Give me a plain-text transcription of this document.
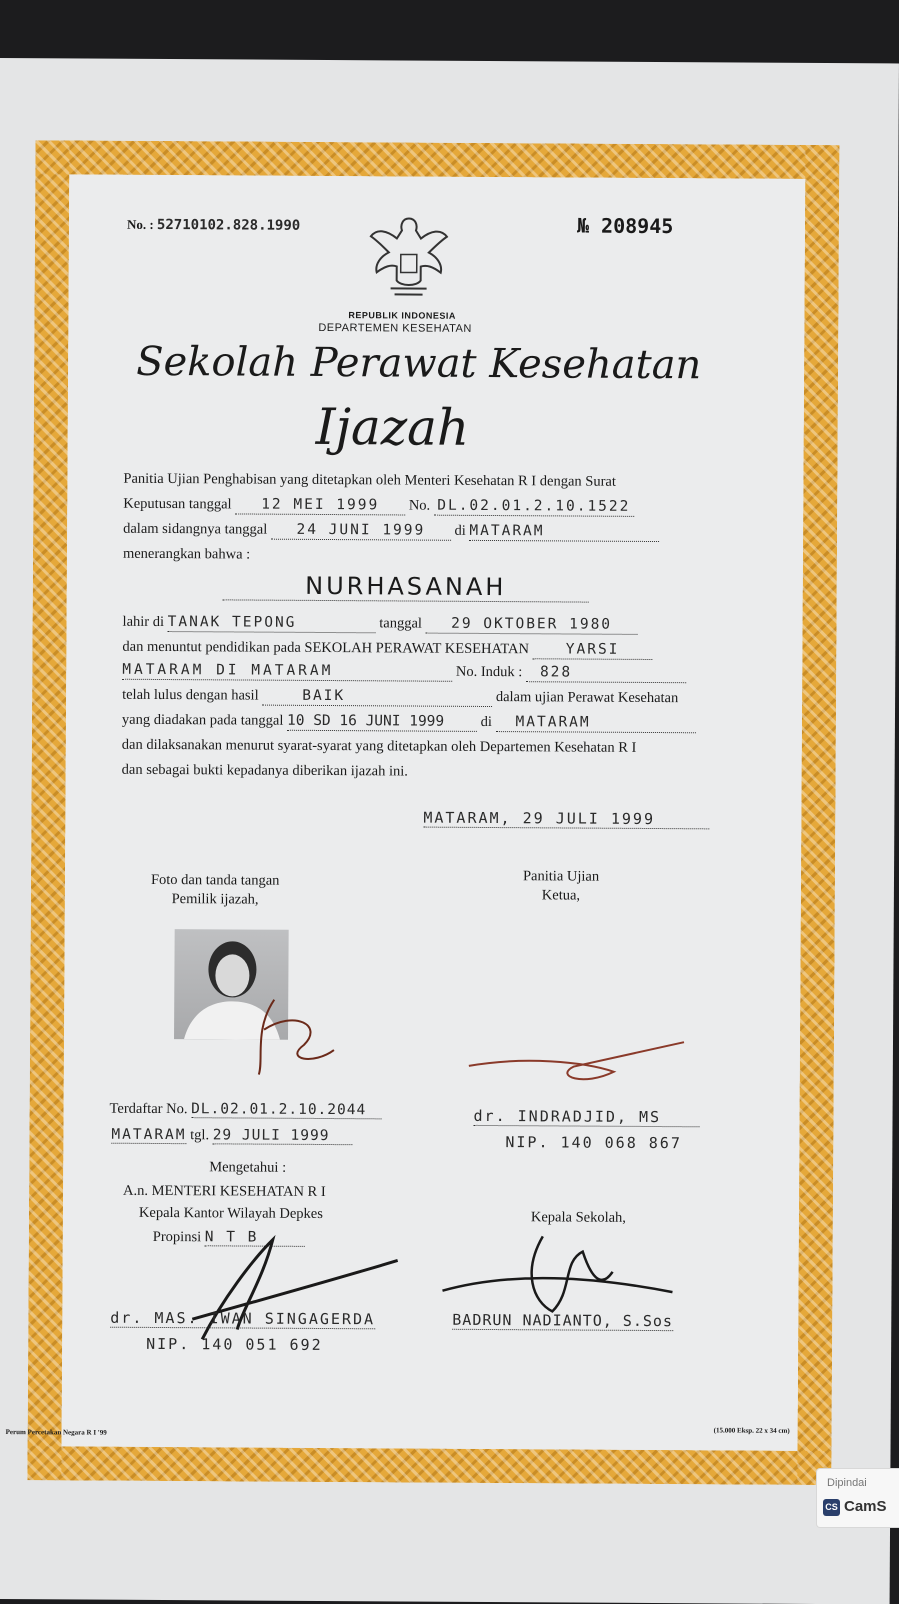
No. : 52710102.828.1990	№ 208945
REPUBLIK INDONESIA
DEPARTEMEN KESEHATAN
Sekolah Perawat Kesehatan
Ijazah
Panitia Ujian Penghabisan yang ditetapkan oleh Menteri Kesehatan R I dengan Surat
Keputusan tanggal 12 MEI 1999 No. DL.02.01.2.10.1522
dalam sidangnya tanggal 24 JUNI 1999 di MATARAM
menerangkan bahwa :
NURHASANAH
lahir di TANAK TEPONG	tanggal 29 OKTOBER 1980
dan menuntut pendidikan pada SEKOLAH PERAWAT KESEHATAN	YARSI
MATARAM DI MATARAM	No. Induk : 828
telah lulus dengan hasil	BAIK	dalam ujian Perawat Kesehatan
yang diadakan pada tanggal 10 SD 16 JUNI 1999	di MATARAM
dan dilaksanakan menurut syarat-syarat yang ditetapkan oleh Departemen Kesehatan R I
dan sebagai bukti kepadanya diberikan ijazah ini.
MATARAM, 29 JULI 1999
Foto dan tanda tangan
Pemilik ijazah,
Panitia Ujian
Ketua,
Terdaftar No. DL.02.01.2.10.2044
MATARAM tgl. 29 JULI 1999
dr. INDRADJID, MS
NIP. 140 068 867
Mengetahui :
A.n. MENTERI KESEHATAN R I
Kepala Kantor Wilayah Depkes
Propinsi N T B
Kepala Sekolah,
dr. MAS. IWAN SINGAGERDA
NIP. 140 051 692
BADRUN NADIANTO, S.Sos
Perum Percetakan Negara R I '99	(15.000 Eksp. 22 x 34 cm)
Dipindai
CS CamS
